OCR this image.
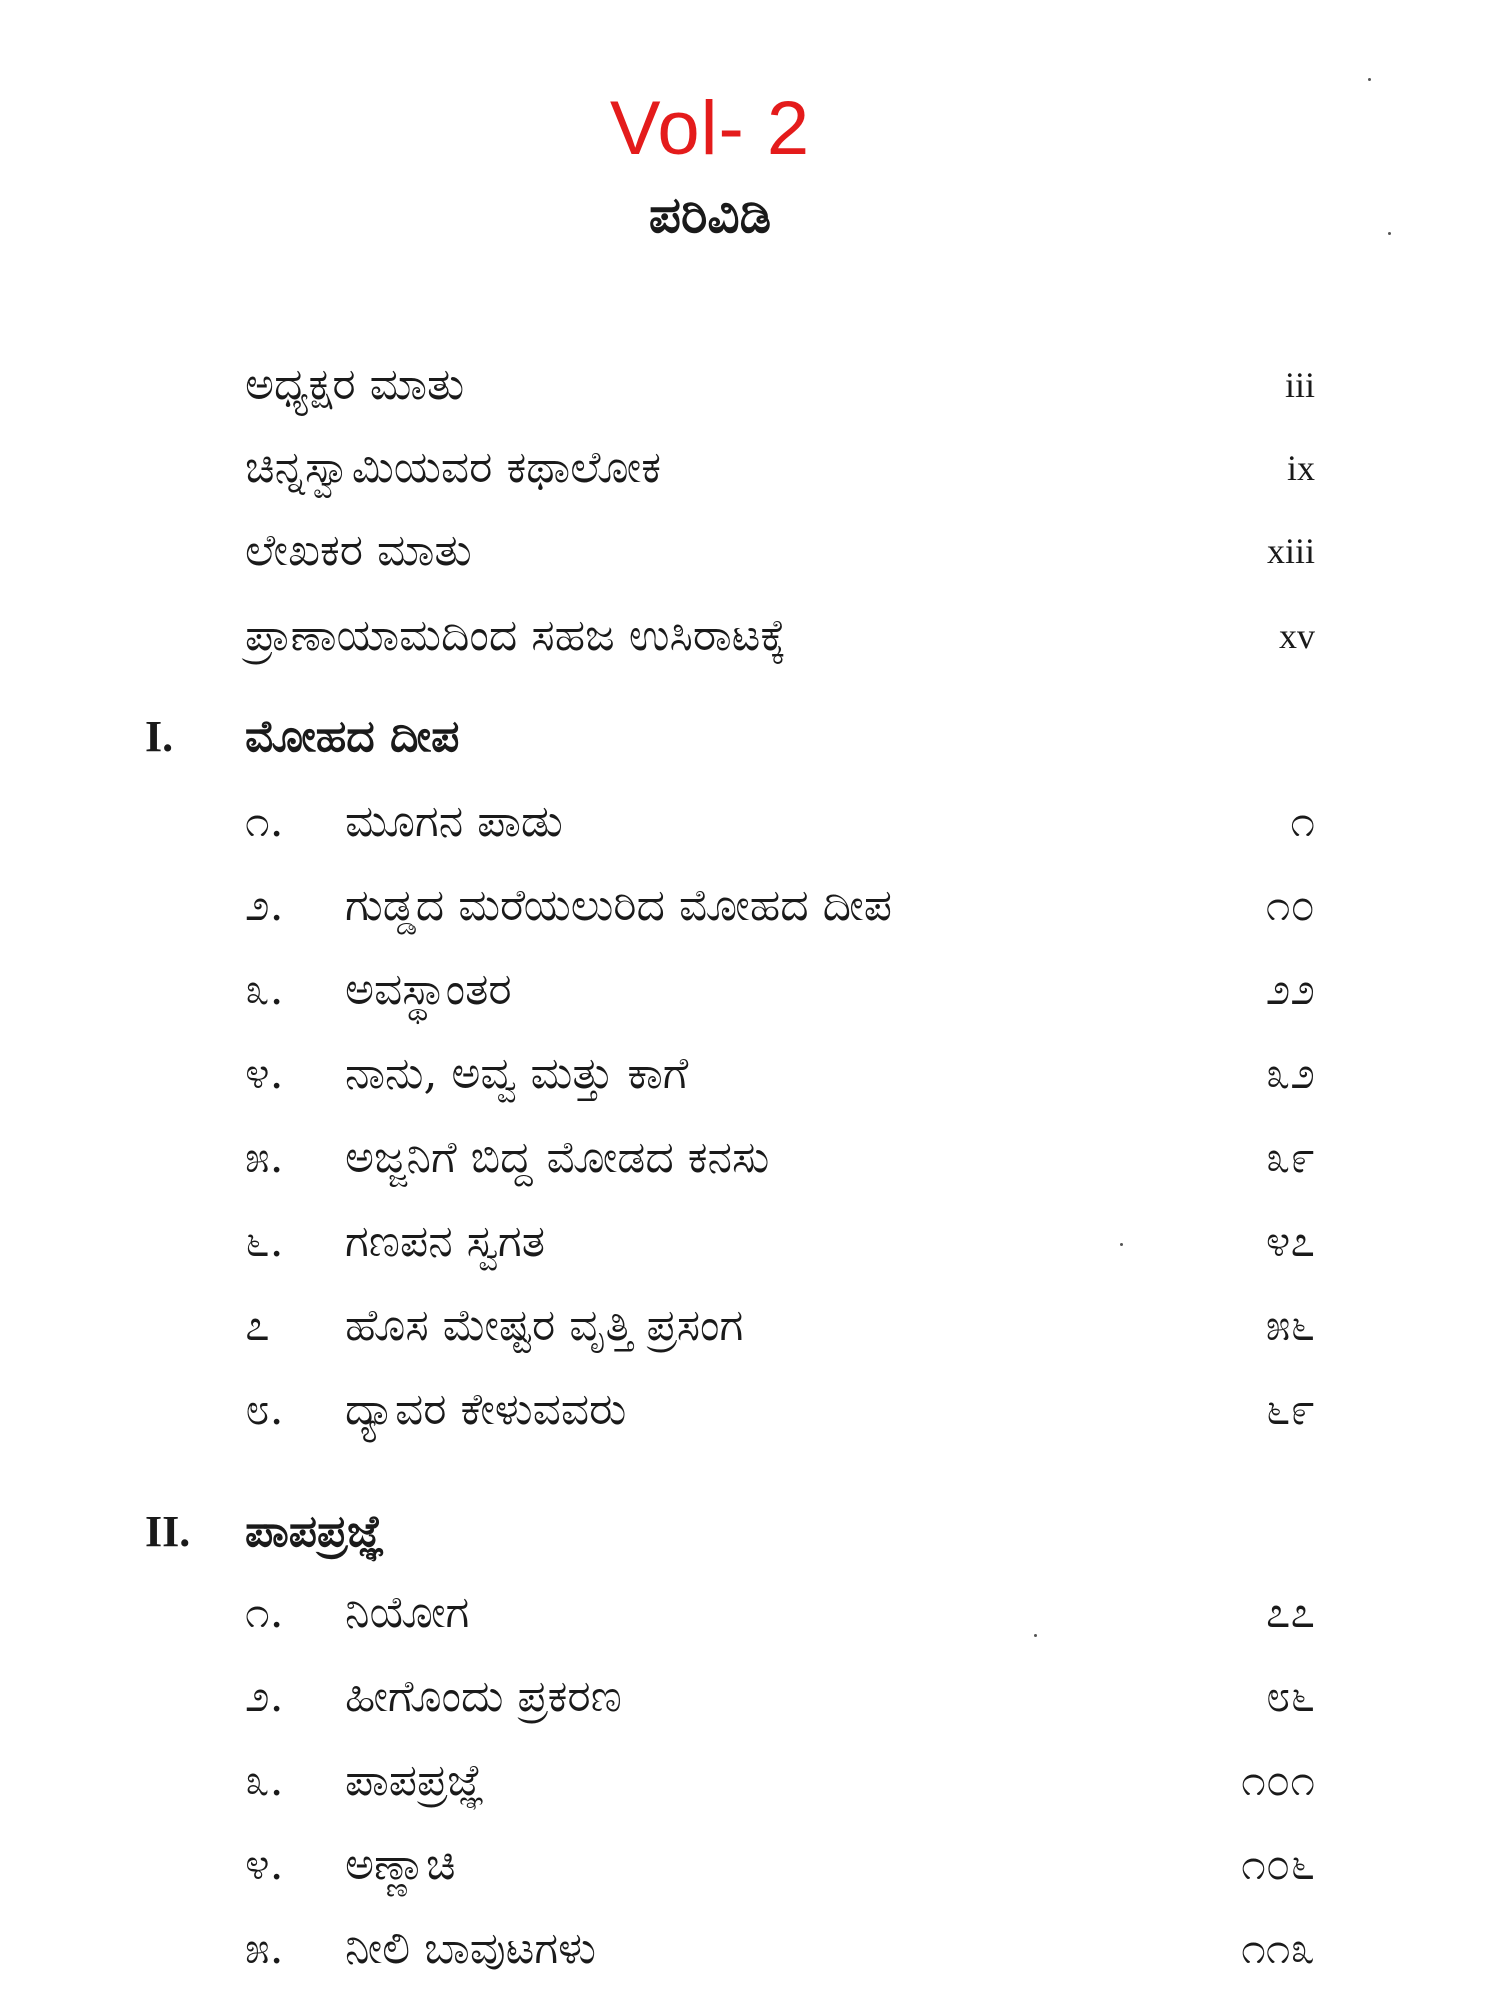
Vol- 2
ಪರಿವಿಡಿ
ಅಧ್ಯಕ್ಷರ ಮಾತು	iii
ಚಿನ್ನಸ್ವಾಮಿಯವರ ಕಥಾಲೋಕ	ix
ಲೇಖಕರ ಮಾತು	xiii
ಪ್ರಾಣಾಯಾಮದಿಂದ ಸಹಜ ಉಸಿರಾಟಕ್ಕೆ	xv
I. ಮೋಹದ ದೀಪ
೧. ಮೂಗನ ಪಾಡು	೧
೨. ಗುಡ್ಡದ ಮರೆಯಲುರಿದ ಮೋಹದ ದೀಪ	೧೦
೩. ಅವಸ್ಥಾಂತರ	೨೨
೪. ನಾನು, ಅವ್ವ ಮತ್ತು ಕಾಗೆ	೩೨
೫. ಅಜ್ಜನಿಗೆ ಬಿದ್ದ ಮೋಡದ ಕನಸು	೩೯
೬. ಗಣಪನ ಸ್ವಗತ	೪೭
೭ ಹೊಸ ಮೇಷ್ಟರ ವೃತ್ತಿ ಪ್ರಸಂಗ	೫೬
೮. ದ್ಯಾವರ ಕೇಳುವವರು	೬೯
II. ಪಾಪಪ್ರಜ್ಞೆ
೧. ನಿಯೋಗ	೭೭
೨. ಹೀಗೊಂದು ಪ್ರಕರಣ	೮೬
೩. ಪಾಪಪ್ರಜ್ಞೆ	೧೦೧
೪. ಅಣ್ಣಾಚಿ	೧೦೬
೫. ನೀಲಿ ಬಾವುಟಗಳು	೧೧೩
